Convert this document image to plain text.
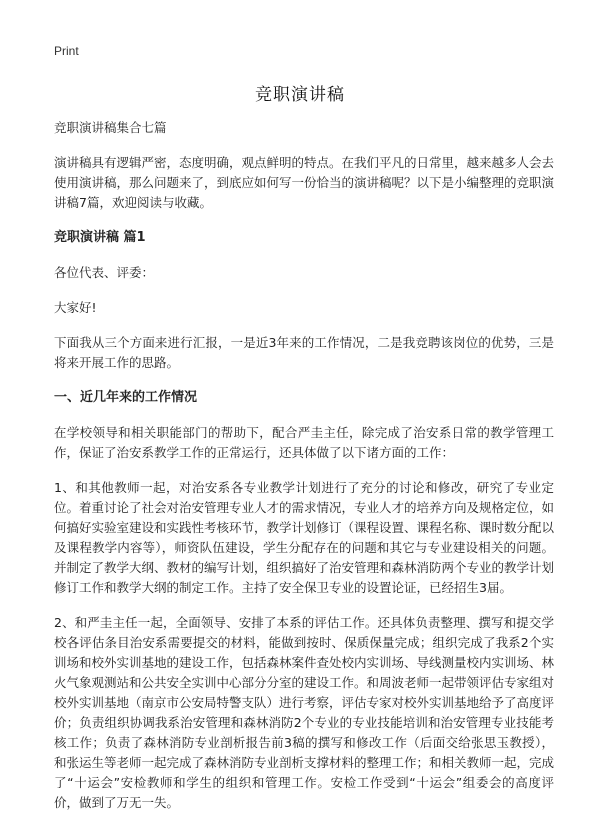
Print
竞职演讲稿

竞职演讲稿集合七篇

演讲稿具有逻辑严密，态度明确，观点鲜明的特点。在我们平凡的日常里，越来越多人会去使用演讲稿，那么问题来了，到底应如何写一份恰当的演讲稿呢？以下是小编整理的竞职演讲稿7篇，欢迎阅读与收藏。

竞职演讲稿 篇1

各位代表、评委：

大家好!

下面我从三个方面来进行汇报，一是近3年来的工作情况，二是我竞聘该岗位的优势，三是将来开展工作的思路。

一、近几年来的工作情况

在学校领导和相关职能部门的帮助下，配合严圭主任，除完成了治安系日常的教学管理工作，保证了治安系教学工作的正常运行，还具体做了以下诸方面的工作：

1、和其他教师一起，对治安系各专业教学计划进行了充分的讨论和修改，研究了专业定位。着重讨论了社会对治安管理专业人才的需求情况，专业人才的培养方向及规格定位，如何搞好实验室建设和实践性考核环节，教学计划修订（课程设置、课程名称、课时数分配以及课程教学内容等），师资队伍建设，学生分配存在的问题和其它与专业建设相关的问题。并制定了教学大纲、教材的编写计划，组织搞好了治安管理和森林消防两个专业的教学计划修订工作和教学大纲的制定工作。主持了安全保卫专业的设置论证，已经招生3届。

2、和严圭主任一起，全面领导、安排了本系的评估工作。还具体负责整理、撰写和提交学校各评估条目治安系需要提交的材料，能做到按时、保质保量完成；组织完成了我系2个实训场和校外实训基地的建设工作，包括森林案件查处校内实训场、导线测量校内实训场、林火气象观测站和公共安全实训中心部分分室的建设工作。和周波老师一起带领评估专家组对校外实训基地（南京市公安局特警支队）进行考察，评估专家对校外实训基地给予了高度评价；负责组织协调我系治安管理和森林消防2个专业的专业技能培训和治安管理专业技能考核工作；负责了森林消防专业剖析报告前3稿的撰写和修改工作（后面交给张思玉教授），和张运生等老师一起完成了森林消防专业剖析支撑材料的整理工作；和相关教师一起，完成了“十运会”安检教师和学生的组织和管理工作。安检工作受到“十运会”组委会的高度评价，做到了万无一失。
